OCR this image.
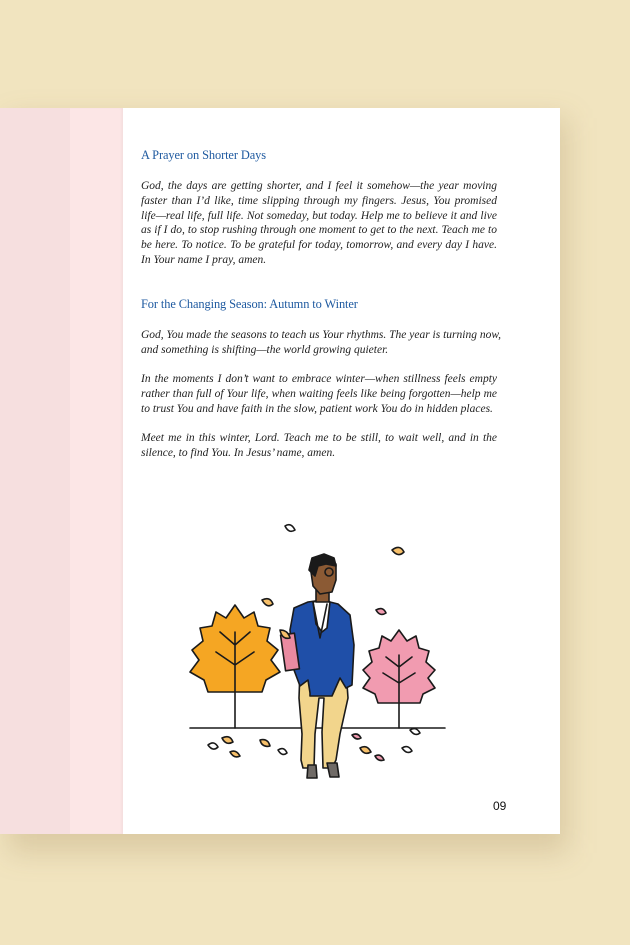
A Prayer on Shorter Days

God, the days are getting shorter, and I feel it somehow—the year moving
faster than I’d like, time slipping through my fingers. Jesus, You promised
life—real life, full life. Not someday, but today. Help me to believe it and live
as if I do, to stop rushing through one moment to get to the next. Teach me to
be here. To notice. To be grateful for today, tomorrow, and every day I have.
In Your name I pray, amen.

For the Changing Season: Autumn to Winter

God, You made the seasons to teach us Your rhythms. The year is turning now,
and something is shifting—the world growing quieter.

In the moments I don’t want to embrace winter—when stillness feels empty
rather than full of Your life, when waiting feels like being forgotten—help me
to trust You and have faith in the slow, patient work You do in hidden places.

Meet me in this winter, Lord. Teach me to be still, to wait well, and in the
silence, to find You. In Jesus’ name, amen.

09
